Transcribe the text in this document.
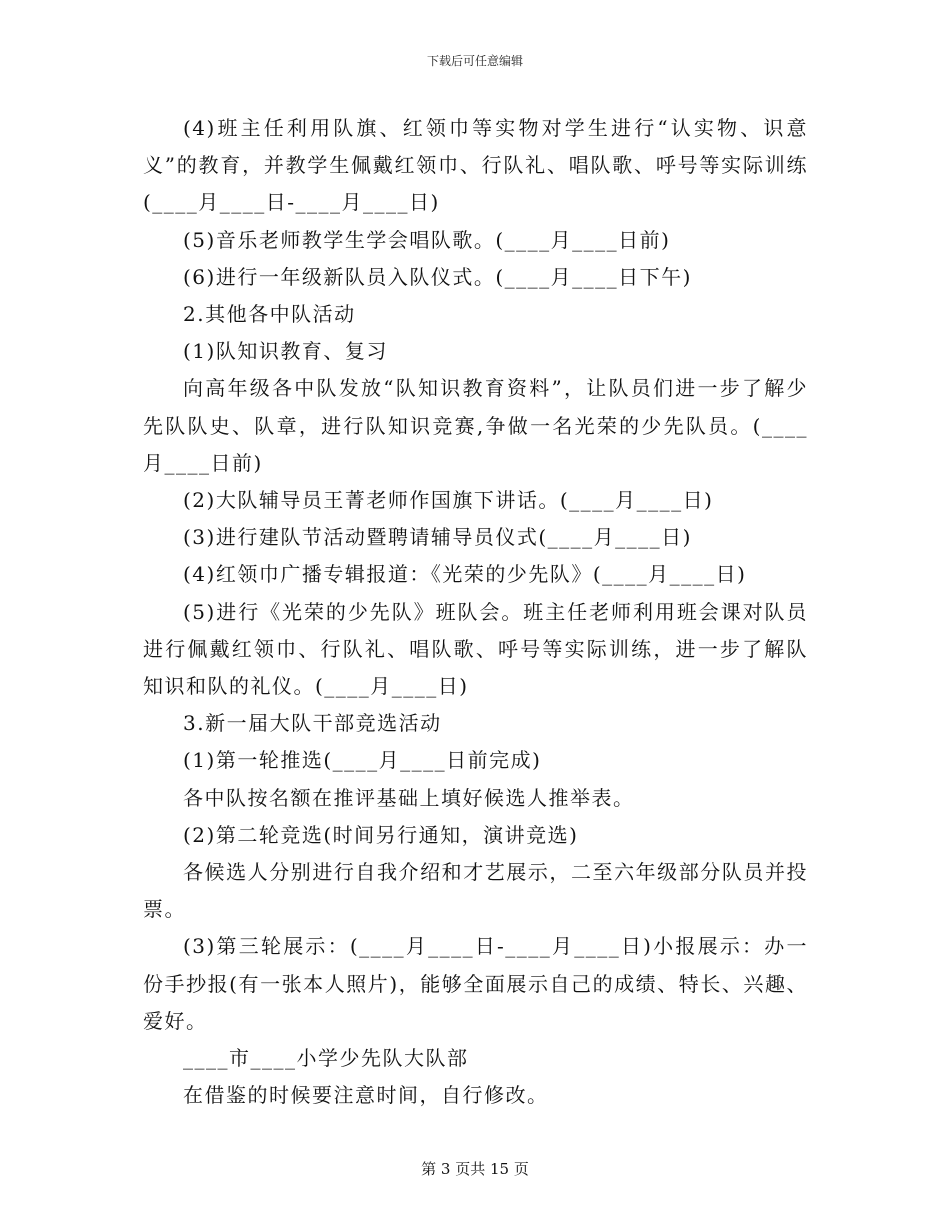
下载后可任意编辑

(4)班主任利用队旗、红领巾等实物对学生进行“认实物、识意义”的教育，并教学生佩戴红领巾、行队礼、唱队歌、呼号等实际训练(____月____日-____月____日)

(5)音乐老师教学生学会唱队歌。(____月____日前)

(6)进行一年级新队员入队仪式。(____月____日下午)

2.其他各中队活动

(1)队知识教育、复习

向高年级各中队发放“队知识教育资料”，让队员们进一步了解少先队队史、队章，进行队知识竞赛,争做一名光荣的少先队员。(____月____日前)

(2)大队辅导员王菁老师作国旗下讲话。(____月____日)

(3)进行建队节活动暨聘请辅导员仪式(____月____日)

(4)红领巾广播专辑报道：《光荣的少先队》(____月____日)

(5)进行《光荣的少先队》班队会。班主任老师利用班会课对队员进行佩戴红领巾、行队礼、唱队歌、呼号等实际训练，进一步了解队知识和队的礼仪。(____月____日)

3.新一届大队干部竞选活动

(1)第一轮推选(____月____日前完成)

各中队按名额在推评基础上填好候选人推举表。

(2)第二轮竞选(时间另行通知，演讲竞选)

各候选人分别进行自我介绍和才艺展示，二至六年级部分队员并投票。

(3)第三轮展示：(____月____日-____月____日)小报展示：办一份手抄报(有一张本人照片)，能够全面展示自己的成绩、特长、兴趣、爱好。

____市____小学少先队大队部

在借鉴的时候要注意时间，自行修改。

第 3 页共 15 页
